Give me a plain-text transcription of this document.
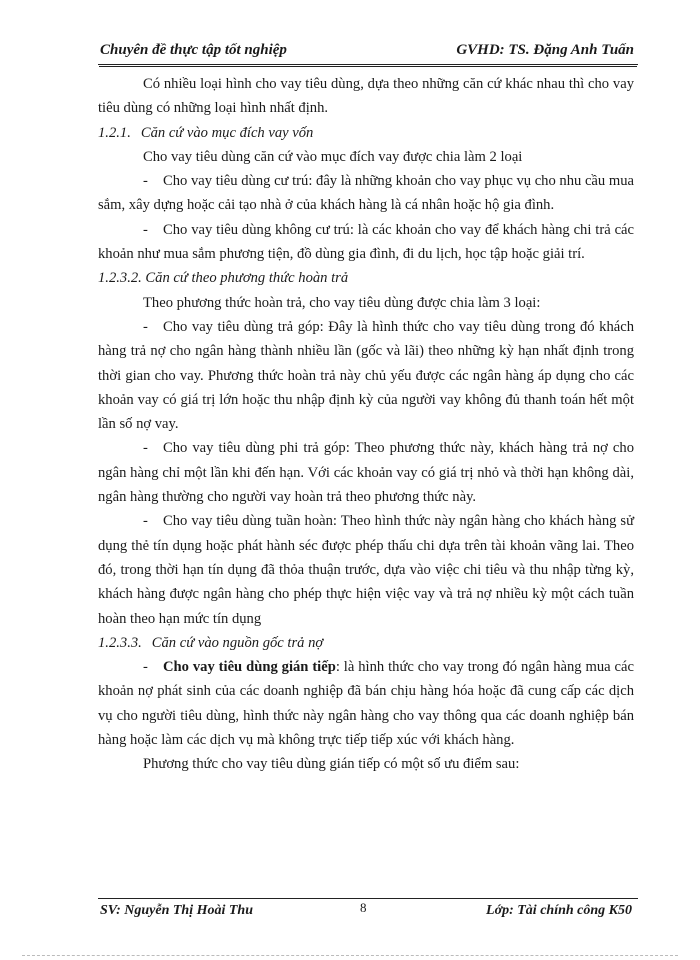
Chuyên đề thực tập tốt nghiệp	GVHD: TS. Đặng Anh Tuấn

Có nhiều loại hình cho vay tiêu dùng, dựa theo những căn cứ khác nhau thì cho vay tiêu dùng có những loại hình nhất định.

1.2.1. Căn cứ vào mục đích vay vốn

Cho vay tiêu dùng căn cứ vào mục đích vay được chia làm 2 loại

- Cho vay tiêu dùng cư trú: đây là những khoản cho vay phục vụ cho nhu cầu mua sắm, xây dựng hoặc cải tạo nhà ở của khách hàng là cá nhân hoặc hộ gia đình.

- Cho vay tiêu dùng không cư trú: là các khoản cho vay để khách hàng chi trả các khoản như mua sắm phương tiện, đồ dùng gia đình, đi du lịch, học tập hoặc giải trí.

1.2.3.2. Căn cứ theo phương thức hoàn trả

Theo phương thức hoàn trả, cho vay tiêu dùng được chia làm 3 loại:

- Cho vay tiêu dùng trả góp: Đây là hình thức cho vay tiêu dùng trong đó khách hàng trả nợ cho ngân hàng thành nhiều lần (gốc và lãi) theo những kỳ hạn nhất định trong thời gian cho vay. Phương thức hoàn trả này chủ yếu được các ngân hàng áp dụng cho các khoản vay có giá trị lớn hoặc thu nhập định kỳ của người vay không đủ thanh toán hết một lần số nợ vay.

- Cho vay tiêu dùng phi trả góp: Theo phương thức này, khách hàng trả nợ cho ngân hàng chỉ một lần khi đến hạn. Với các khoản vay có giá trị nhỏ và thời hạn không dài, ngân hàng thường cho người vay hoàn trả theo phương thức này.

- Cho vay tiêu dùng tuần hoàn: Theo hình thức này ngân hàng cho khách hàng sử dụng thẻ tín dụng hoặc phát hành séc được phép thấu chi dựa trên tài khoản vãng lai. Theo đó, trong thời hạn tín dụng đã thỏa thuận trước, dựa vào việc chi tiêu và thu nhập từng kỳ, khách hàng được ngân hàng cho phép thực hiện việc vay và trả nợ nhiều kỳ một cách tuần hoàn theo hạn mức tín dụng

1.2.3.3. Căn cứ vào nguồn gốc trả nợ

- Cho vay tiêu dùng gián tiếp: là hình thức cho vay trong đó ngân hàng mua các khoản nợ phát sinh của các doanh nghiệp đã bán chịu hàng hóa hoặc đã cung cấp các dịch vụ cho người tiêu dùng, hình thức này ngân hàng cho vay thông qua các doanh nghiệp bán hàng hoặc làm các dịch vụ mà không trực tiếp tiếp xúc với khách hàng.

Phương thức cho vay tiêu dùng gián tiếp có một số ưu điểm sau:

SV: Nguyễn Thị Hoài Thu	8	Lớp: Tài chính công K50
